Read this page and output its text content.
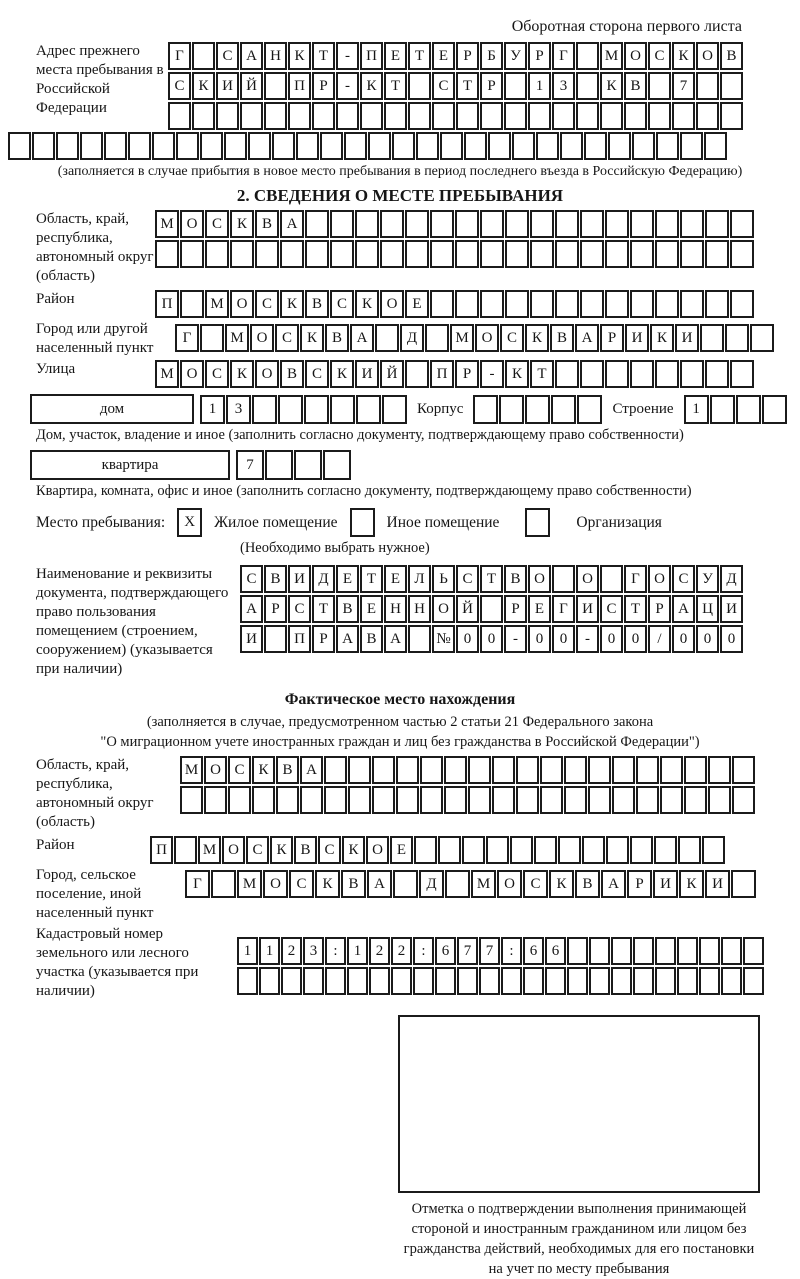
Оборотная сторона первого листа
Адрес прежнего места пребывания в Российской Федерации
Г	С А Н К Т	-	П Е Т Е	Р	Б У Р	Г	М О С К О В
С К И Й	П Р	-	К Т	С Т	Р	1	3	К В	7
(заполняется в случае прибытия в новое место пребывания в период последнего въезда в Российскую Федерацию)
2. СВЕДЕНИЯ О МЕСТЕ ПРЕБЫВАНИЯ
Область, край, республика, автономный округ (область)
М О С К В А
Район	П	М О С К В С К О Е
Город или другой населенный пункт
Г	М О С К В А	Д	М О С К В А	Р	И К И
Улица	М О С К О В С К И Й	П	Р	-	К	Т
дом	1	3	Корпус	Строение	1
Дом, участок, владение и иное (заполнить согласно документу, подтверждающему право собственности)
квартира	7
Квартира, комната, офис и иное (заполнить согласно документу, подтверждающему право собственности)
Место пребывания:	X	Жилое помещение	Иное помещение	Организация
(Необходимо выбрать нужное)
Наименование и реквизиты документа, подтверждающего право пользования помещением (строением, сооружением) (указывается при наличии)
С В И Д Е Т Е Л Ь С Т В О	О	Г О С У Д
А Р С Т В Е Н Н О Й	Р	Е	Г И С Т	Р А Ц И
И	П Р А В А	№ 0	0	-	0	0	-	0	0	/	0	0	0
Фактическое место нахождения
(заполняется в случае, предусмотренном частью 2 статьи 21 Федерального закона
"О миграционном учете иностранных граждан и лиц без гражданства в Российской Федерации")
Область, край, республика, автономный округ (область)
М О С К В А
Район	П	М О С К В С К О Е
Город, сельское поселение, иной населенный пункт
Г	М О	С	К	В	А	Д	М О	С	К	В	А	Р	И	К	И
Кадастровый номер земельного или лесного участка (указывается при наличии)
1 1 2 3	:	1 2 2	:	6 7 7	:	6 6
Отметка о подтверждении выполнения принимающей стороной и иностранным гражданином или лицом без гражданства действий, необходимых для его постановки на учет по месту пребывания
